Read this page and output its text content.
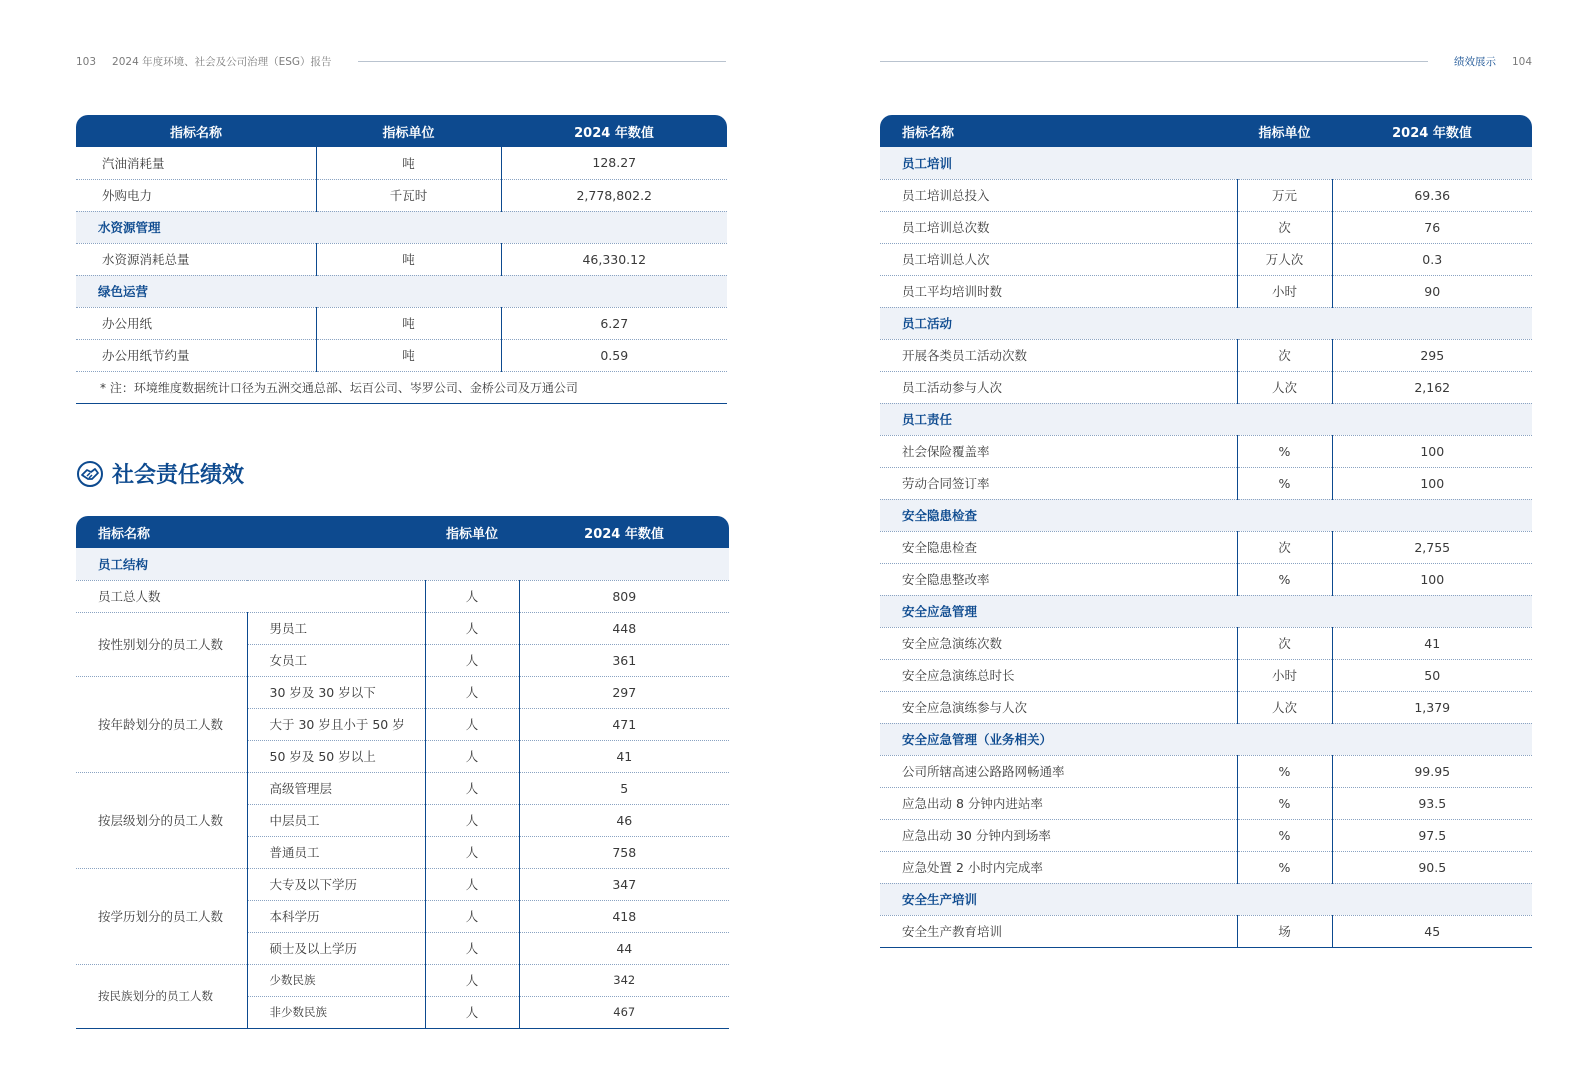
103 2024 年度环境、社会及公司治理（ESG）报告	绩效展示 104
指标名称	指标单位	2024 年数值
汽油消耗量	吨	128.27
外购电力	千瓦时	2,778,802.2
水资源管理		
水资源消耗总量	吨	46,330.12
绿色运营		
办公用纸	吨	6.27
办公用纸节约量	吨	0.59
* 注：环境维度数据统计口径为五洲交通总部、坛百公司、岑罗公司、金桥公司及万通公司		
社会责任绩效
指标名称		指标单位	2024 年数值
员工结构			
员工总人数		人	809
按性别划分的员工人数	男员工	人	448
	女员工	人	361
按年龄划分的员工人数	30 岁及 30 岁以下	人	297
	大于 30 岁且小于 50 岁	人	471
	50 岁及 50 岁以上	人	41
按层级划分的员工人数	高级管理层	人	5
	中层员工	人	46
	普通员工	人	758
按学历划分的员工人数	大专及以下学历	人	347
	本科学历	人	418
	硕士及以上学历	人	44
按民族划分的员工人数	少数民族	人	342
	非少数民族	人	467
指标名称	指标单位	2024 年数值
员工培训		
员工培训总投入	万元	69.36
员工培训总次数	次	76
员工培训总人次	万人次	0.3
员工平均培训时数	小时	90
员工活动		
开展各类员工活动次数	次	295
员工活动参与人次	人次	2,162
员工责任		
社会保险覆盖率	%	100
劳动合同签订率	%	100
安全隐患检查		
安全隐患检查	次	2,755
安全隐患整改率	%	100
安全应急管理		
安全应急演练次数	次	41
安全应急演练总时长	小时	50
安全应急演练参与人次	人次	1,379
安全应急管理（业务相关）		
公司所辖高速公路路网畅通率	%	99.95
应急出动 8 分钟内进站率	%	93.5
应急出动 30 分钟内到场率	%	97.5
应急处置 2 小时内完成率	%	90.5
安全生产培训		
安全生产教育培训	场	45
